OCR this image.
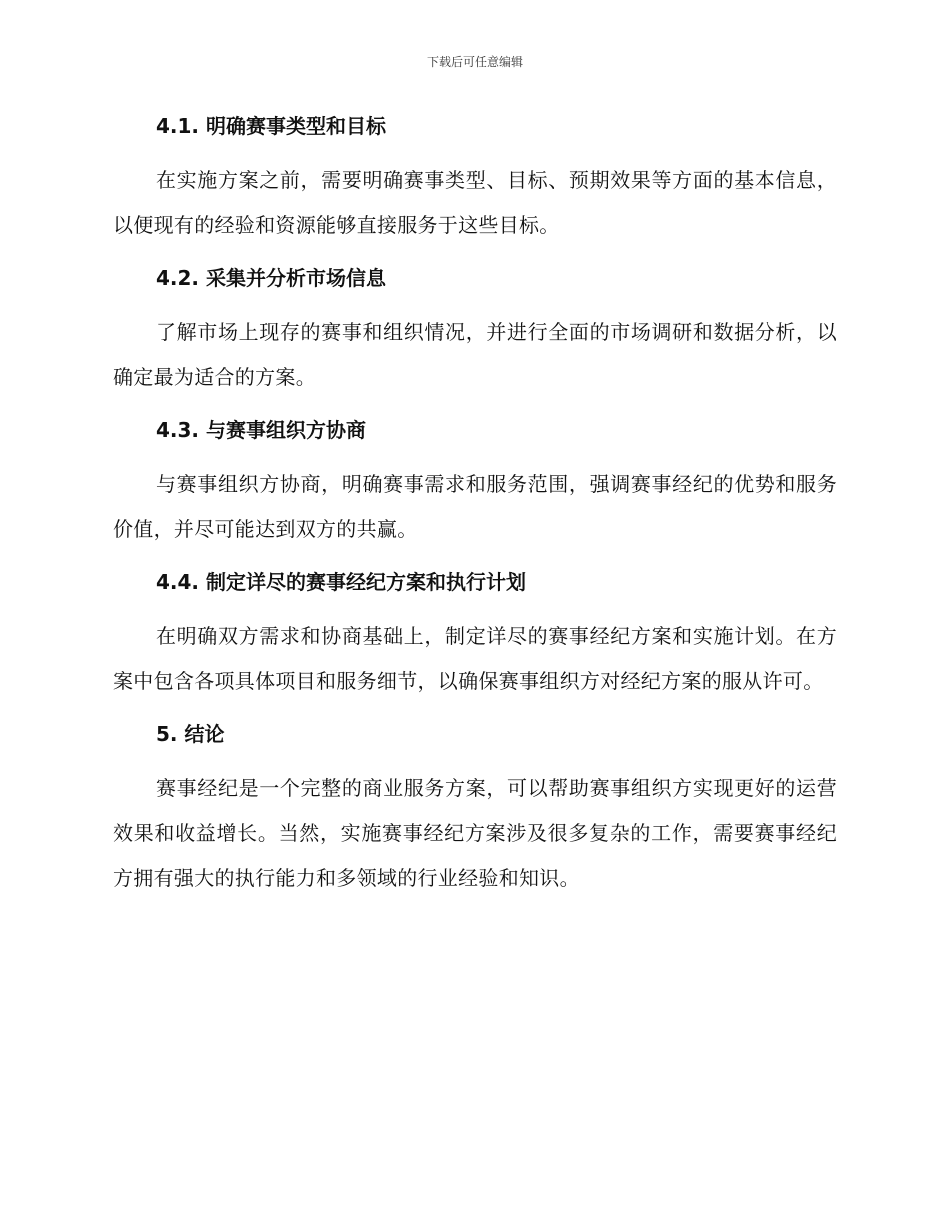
下载后可任意编辑
4.1. 明确赛事类型和目标

在实施方案之前，需要明确赛事类型、目标、预期效果等方面的基本信息，以便现有的经验和资源能够直接服务于这些目标。

4.2. 采集并分析市场信息

了解市场上现存的赛事和组织情况，并进行全面的市场调研和数据分析，以确定最为适合的方案。

4.3. 与赛事组织方协商

与赛事组织方协商，明确赛事需求和服务范围，强调赛事经纪的优势和服务价值，并尽可能达到双方的共赢。

4.4. 制定详尽的赛事经纪方案和执行计划

在明确双方需求和协商基础上，制定详尽的赛事经纪方案和实施计划。在方案中包含各项具体项目和服务细节，以确保赛事组织方对经纪方案的服从许可。

5. 结论

赛事经纪是一个完整的商业服务方案，可以帮助赛事组织方实现更好的运营效果和收益增长。当然，实施赛事经纪方案涉及很多复杂的工作，需要赛事经纪方拥有强大的执行能力和多领域的行业经验和知识。
